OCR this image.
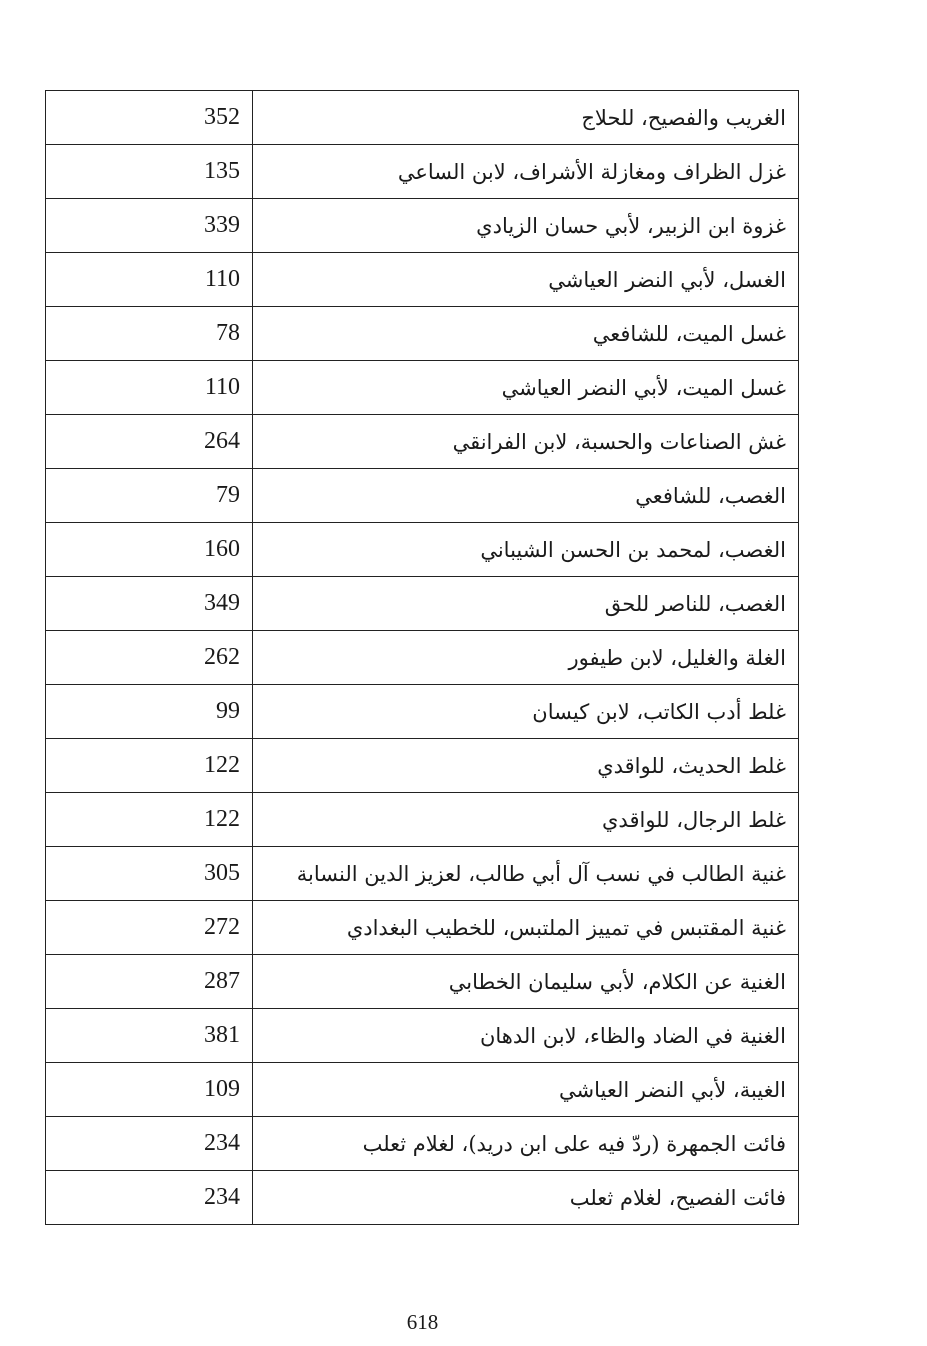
352	الغريب والفصيح، للحلاج
135	غزل الظراف ومغازلة الأشراف، لابن الساعي
339	غزوة ابن الزبير، لأبي حسان الزيادي
110	الغسل، لأبي النضر العياشي
78	غسل الميت، للشافعي
110	غسل الميت، لأبي النضر العياشي
264	غش الصناعات والحسبة، لابن الفرانقي
79	الغصب، للشافعي
160	الغصب، لمحمد بن الحسن الشيباني
349	الغصب، للناصر للحق
262	الغلة والغليل، لابن طيفور
99	غلط أدب الكاتب، لابن كيسان
122	غلط الحديث، للواقدي
122	غلط الرجال، للواقدي
305	غنية الطالب في نسب آل أبي طالب، لعزيز الدين النسابة
272	غنية المقتبس في تمييز الملتبس، للخطيب البغدادي
287	الغنية عن الكلام، لأبي سليمان الخطابي
381	الغنية في الضاد والظاء، لابن الدهان
109	الغيبة، لأبي النضر العياشي
234	فائت الجمهرة (ردّ فيه على ابن دريد)، لغلام ثعلب
234	فائت الفصيح، لغلام ثعلب
618
